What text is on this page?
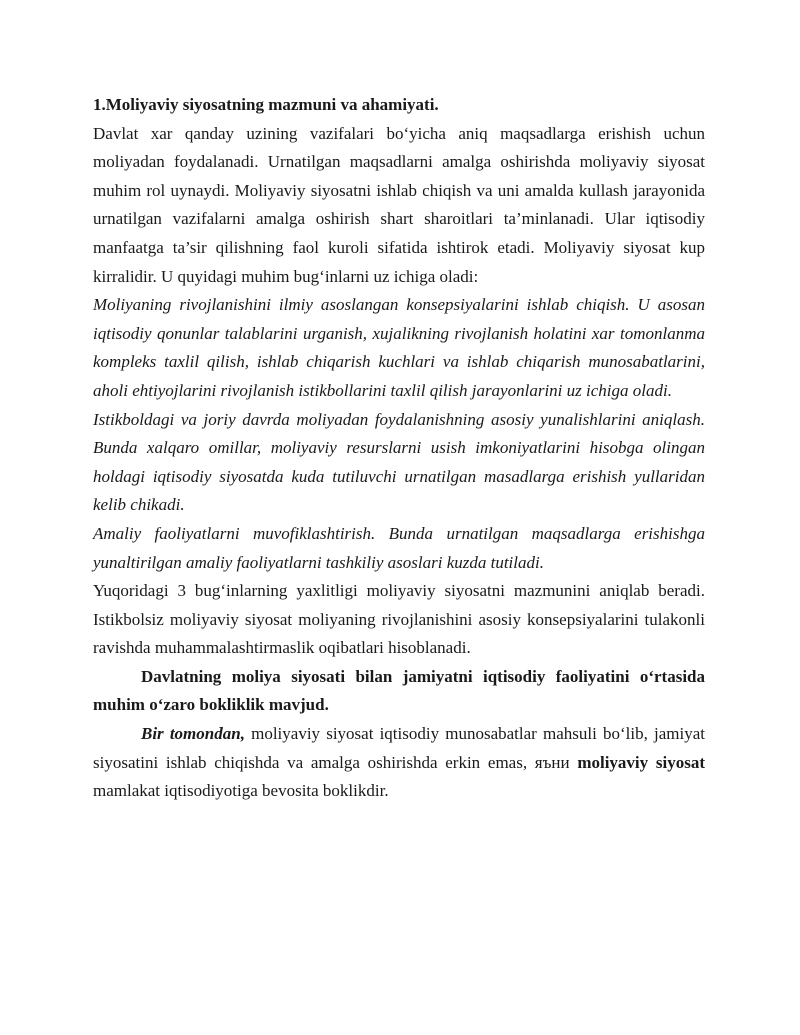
1.Moliyaviy siyosatning mazmuni va ahamiyati.

Davlat xar qanday uzining vazifalari bo‘yicha aniq maqsadlarga erishish uchun moliyadan foydalanadi. Urnatilgan maqsadlarni amalga oshirishda moliyaviy siyosat muhim rol uynaydi. Moliyaviy siyosatni ishlab chiqish va uni amalda kullash jarayonida urnatilgan vazifalarni amalga oshirish shart sharoitlari ta’minlanadi. Ular iqtisodiy manfaatga ta’sir qilishning faol kuroli sifatida ishtirok etadi. Moliyaviy siyosat kup kirralidir. U quyidagi muhim bug‘inlarni uz ichiga oladi:

Moliyaning rivojlanishini ilmiy asoslangan konsepsiyalarini ishlab chiqish. U asosan iqtisodiy qonunlar talablarini urganish, xujalikning rivojlanish holatini xar tomonlanma kompleks taxlil qilish, ishlab chiqarish kuchlari va ishlab chiqarish munosabatlarini, aholi ehtiyojlarini rivojlanish istikbollarini taxlil qilish jarayonlarini uz ichiga oladi.

Istikboldagi va joriy davrda moliyadan foydalanishning asosiy yunalishlarini aniqlash. Bunda xalqaro omillar, moliyaviy resurslarni usish imkoniyatlarini hisobga olingan holdagi iqtisodiy siyosatda kuda tutiluvchi urnatilgan masadlarga erishish yullaridan kelib chikadi.

Amaliy faoliyatlarni muvofiklashtirish. Bunda urnatilgan maqsadlarga erishishga yunaltirilgan amaliy faoliyatlarni tashkiliy asoslari kuzda tutiladi.

Yuqoridagi 3 bug‘inlarning yaxlitligi moliyaviy siyosatni mazmunini aniqlab beradi. Istikbolsiz moliyaviy siyosat moliyaning rivojlanishini asosiy konsepsiyalarini tulakonli ravishda muhammalashtirmaslik oqibatlari hisoblanadi.

Davlatning moliya siyosati bilan jamiyatni iqtisodiy faoliyatini o‘rtasida muhim o‘zaro bokliklik mavjud.

Bir tomondan, moliyaviy siyosat iqtisodiy munosabatlar mahsuli bo‘lib, jamiyat siyosatini ishlab chiqishda va amalga oshirishda erkin emas, яъни moliyaviy siyosat mamlakat iqtisodiyotiga bevosita boklikdir.
